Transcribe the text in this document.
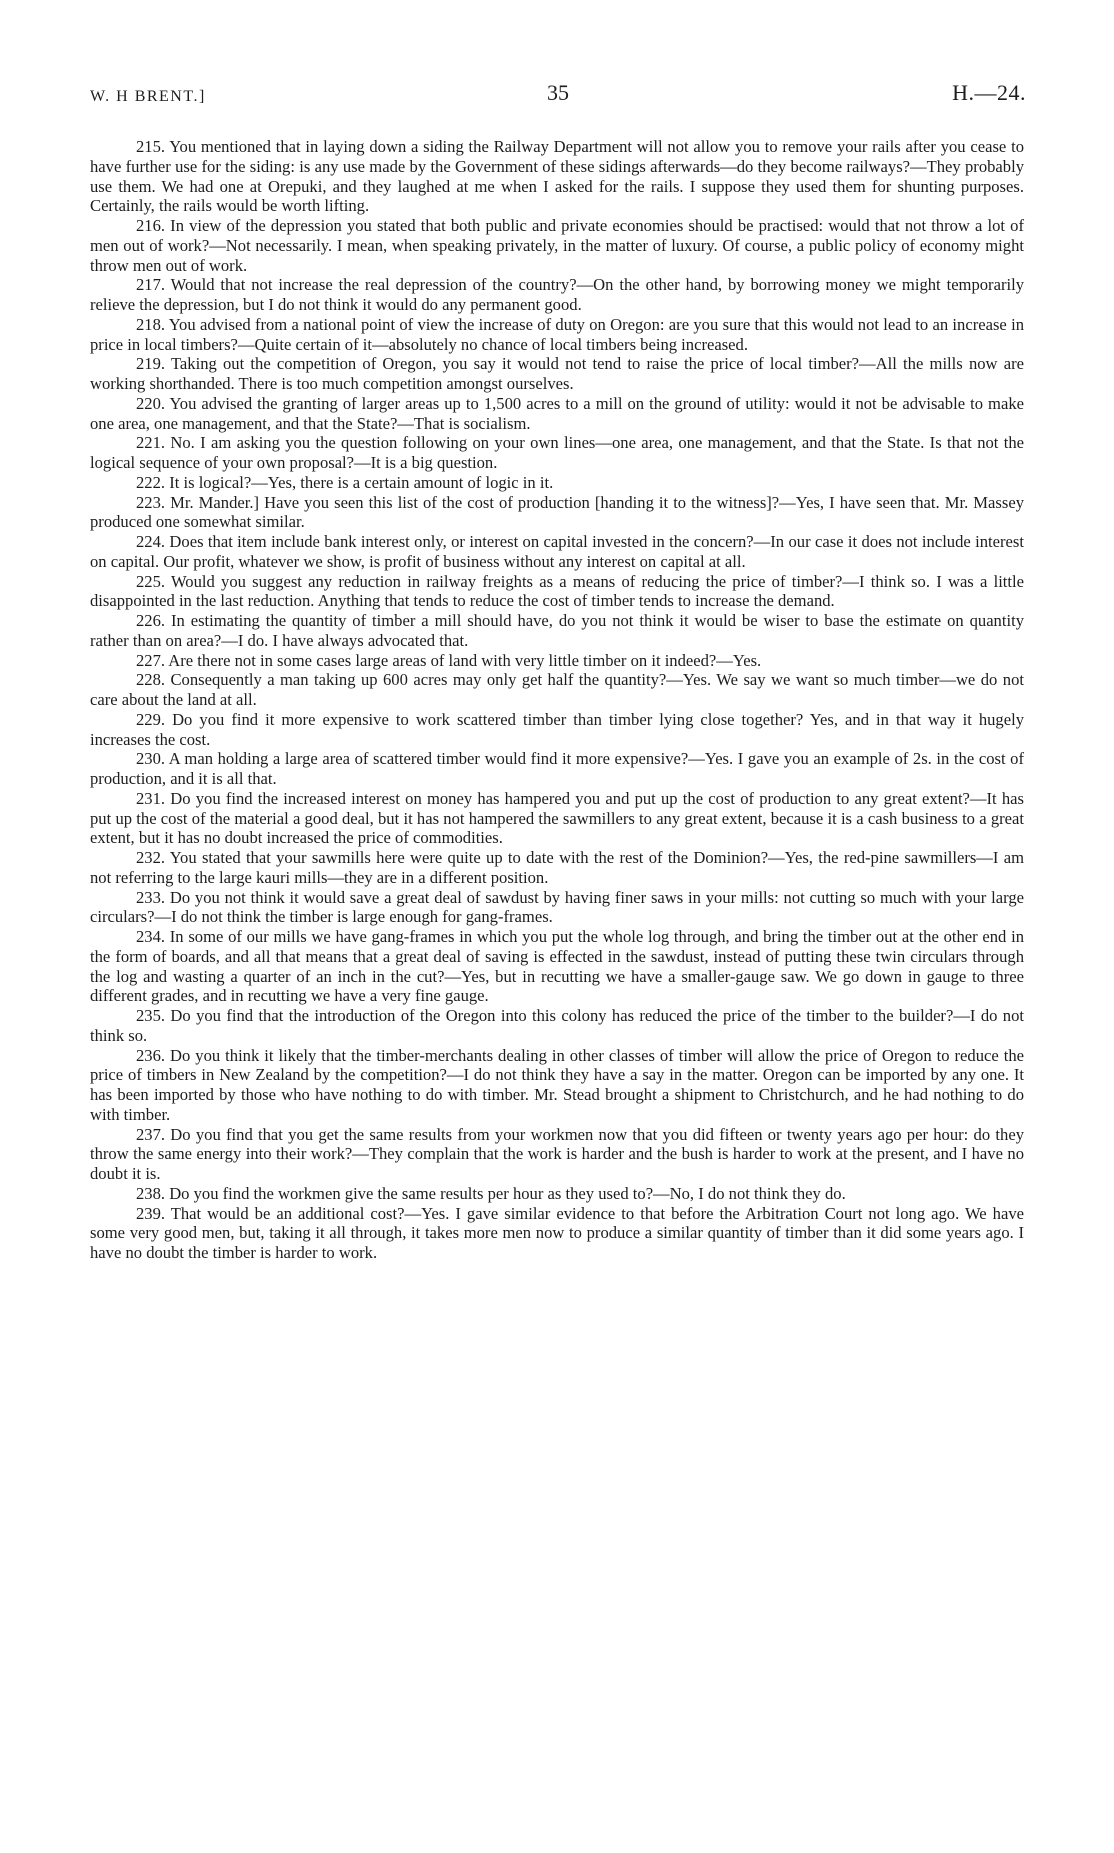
W. H BRENT.]	35	H.—24.

215. You mentioned that in laying down a siding the Railway Department will not allow you to remove your rails after you cease to have further use for the siding: is any use made by the Government of these sidings afterwards—do they become railways?—They probably use them. We had one at Orepuki, and they laughed at me when I asked for the rails. I suppose they used them for shunting purposes. Certainly, the rails would be worth lifting.

216. In view of the depression you stated that both public and private economies should be practised: would that not throw a lot of men out of work?—Not necessarily. I mean, when speaking privately, in the matter of luxury. Of course, a public policy of economy might throw men out of work.

217. Would that not increase the real depression of the country?—On the other hand, by borrowing money we might temporarily relieve the depression, but I do not think it would do any permanent good.

218. You advised from a national point of view the increase of duty on Oregon: are you sure that this would not lead to an increase in price in local timbers?—Quite certain of it—absolutely no chance of local timbers being increased.

219. Taking out the competition of Oregon, you say it would not tend to raise the price of local timber?—All the mills now are working shorthanded. There is too much competition amongst ourselves.

220. You advised the granting of larger areas up to 1,500 acres to a mill on the ground of utility: would it not be advisable to make one area, one management, and that the State?—That is socialism.

221. No. I am asking you the question following on your own lines—one area, one management, and that the State. Is that not the logical sequence of your own proposal?—It is a big question.

222. It is logical?—Yes, there is a certain amount of logic in it.

223. Mr. Mander.] Have you seen this list of the cost of production [handing it to the witness]?—Yes, I have seen that. Mr. Massey produced one somewhat similar.

224. Does that item include bank interest only, or interest on capital invested in the concern?—In our case it does not include interest on capital. Our profit, whatever we show, is profit of business without any interest on capital at all.

225. Would you suggest any reduction in railway freights as a means of reducing the price of timber?—I think so. I was a little disappointed in the last reduction. Anything that tends to reduce the cost of timber tends to increase the demand.

226. In estimating the quantity of timber a mill should have, do you not think it would be wiser to base the estimate on quantity rather than on area?—I do. I have always advocated that.

227. Are there not in some cases large areas of land with very little timber on it indeed?—Yes.

228. Consequently a man taking up 600 acres may only get half the quantity?—Yes. We say we want so much timber—we do not care about the land at all.

229. Do you find it more expensive to work scattered timber than timber lying close together? Yes, and in that way it hugely increases the cost.

230. A man holding a large area of scattered timber would find it more expensive?—Yes. I gave you an example of 2s. in the cost of production, and it is all that.

231. Do you find the increased interest on money has hampered you and put up the cost of production to any great extent?—It has put up the cost of the material a good deal, but it has not hampered the sawmillers to any great extent, because it is a cash business to a great extent, but it has no doubt increased the price of commodities.

232. You stated that your sawmills here were quite up to date with the rest of the Dominion?—Yes, the red-pine sawmillers—I am not referring to the large kauri mills—they are in a different position.

233. Do you not think it would save a great deal of sawdust by having finer saws in your mills: not cutting so much with your large circulars?—I do not think the timber is large enough for gang-frames.

234. In some of our mills we have gang-frames in which you put the whole log through, and bring the timber out at the other end in the form of boards, and all that means that a great deal of saving is effected in the sawdust, instead of putting these twin circulars through the log and wasting a quarter of an inch in the cut?—Yes, but in recutting we have a smaller-gauge saw. We go down in gauge to three different grades, and in recutting we have a very fine gauge.

235. Do you find that the introduction of the Oregon into this colony has reduced the price of the timber to the builder?—I do not think so.

236. Do you think it likely that the timber-merchants dealing in other classes of timber will allow the price of Oregon to reduce the price of timbers in New Zealand by the competition?—I do not think they have a say in the matter. Oregon can be imported by any one. It has been imported by those who have nothing to do with timber. Mr. Stead brought a shipment to Christchurch, and he had nothing to do with timber.

237. Do you find that you get the same results from your workmen now that you did fifteen or twenty years ago per hour: do they throw the same energy into their work?—They complain that the work is harder and the bush is harder to work at the present, and I have no doubt it is.

238. Do you find the workmen give the same results per hour as they used to?—No, I do not think they do.

239. That would be an additional cost?—Yes. I gave similar evidence to that before the Arbitration Court not long ago. We have some very good men, but, taking it all through, it takes more men now to produce a similar quantity of timber than it did some years ago. I have no doubt the timber is harder to work.
